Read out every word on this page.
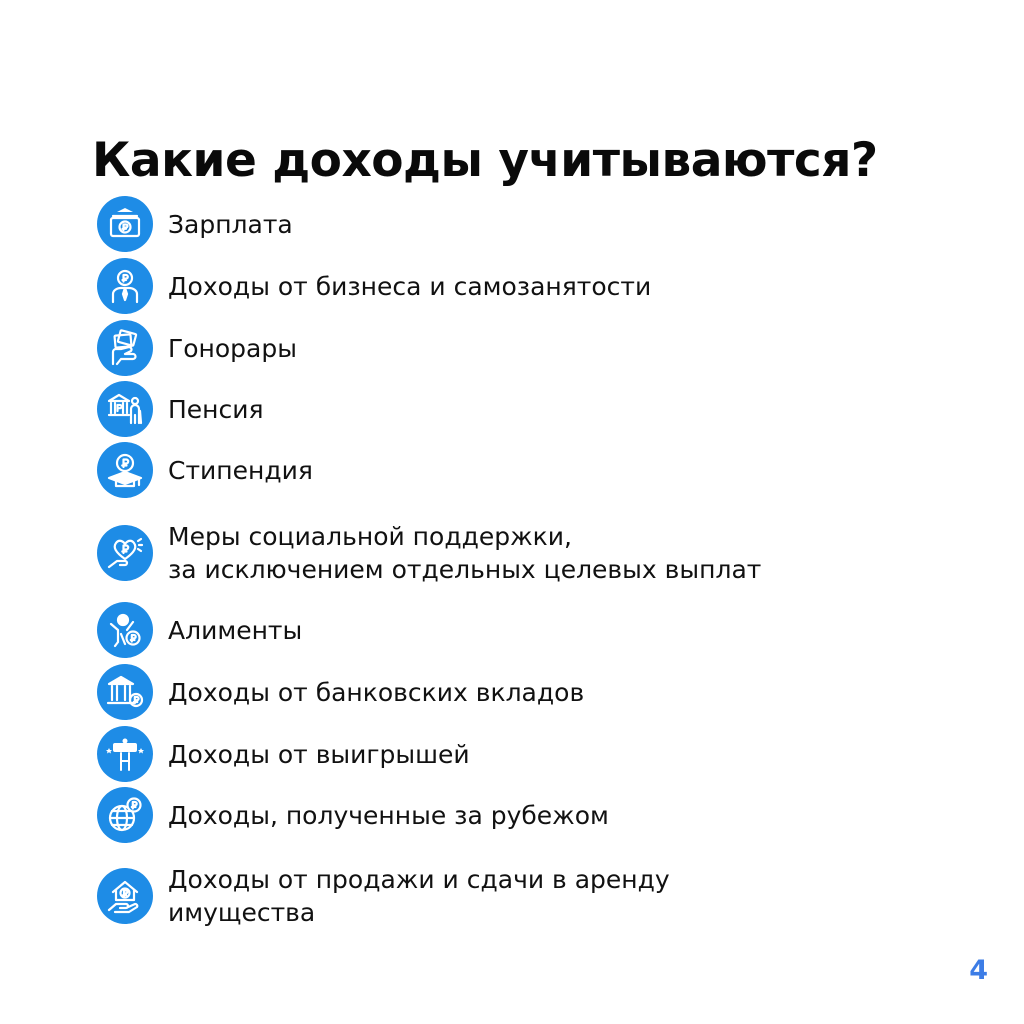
Какие доходы учитываются?
Зарплата
Доходы от бизнеса и самозанятости
Гонорары
Пенсия
Стипендия
Меры социальной поддержки,
за исключением отдельных целевых выплат
Алименты
Доходы от банковских вкладов
Доходы от выигрышей
Доходы, полученные за рубежом
Доходы от продажи и сдачи в аренду
имущества
4
